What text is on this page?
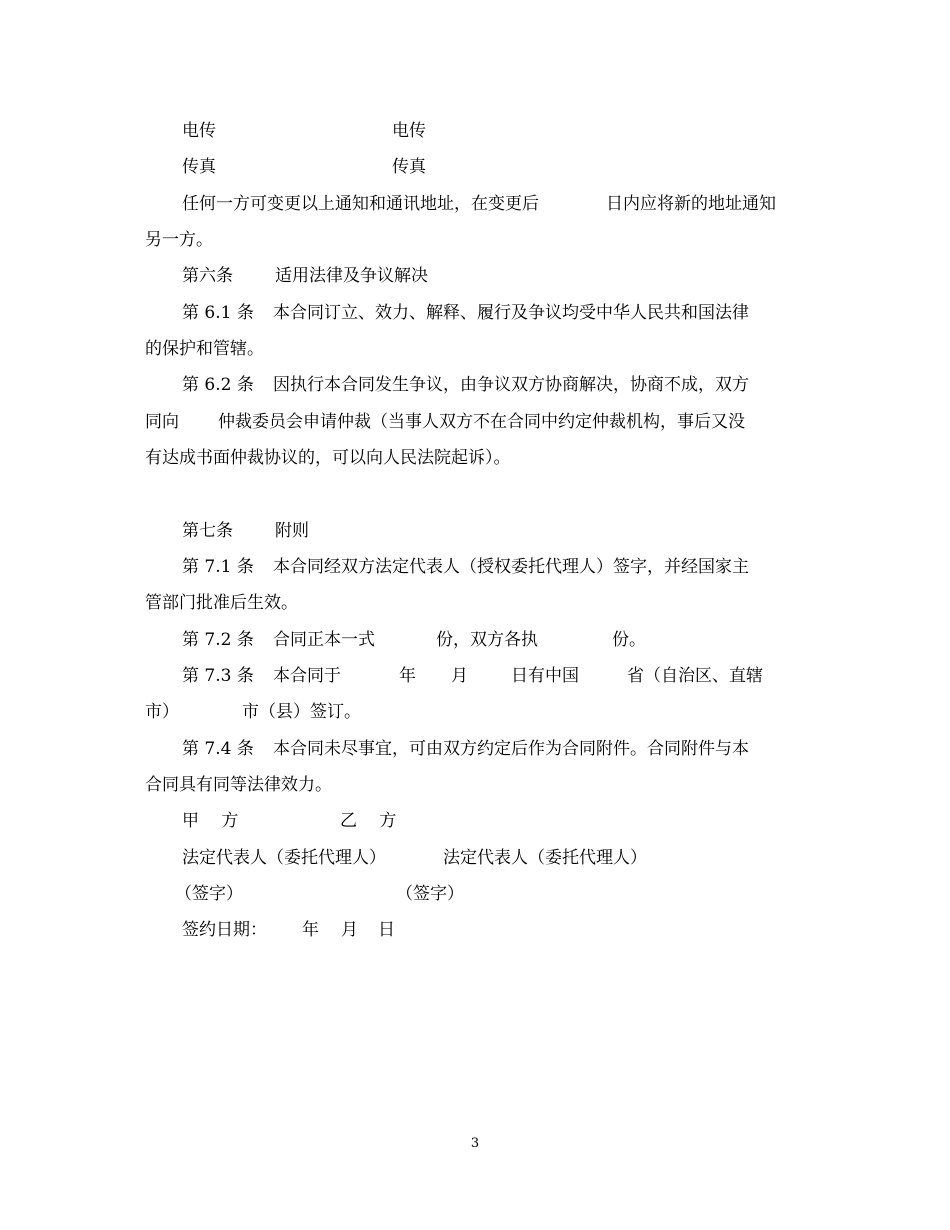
电传	电传
传真	传真
任何一方可变更以上通知和通讯地址，在变更后	日内应将新的地址通知
另一方。
第六条 适用法律及争议解决
第 6.1 条 本合同订立、效力、解释、履行及争议均受中华人民共和国法律
的保护和管辖。
第 6.2 条 因执行本合同发生争议，由争议双方协商解决，协商不成，双方
同向 仲裁委员会申请仲裁（当事人双方不在合同中约定仲裁机构，事后又没
有达成书面仲裁协议的，可以向人民法院起诉）。
第七条 附则
第 7.1 条 本合同经双方法定代表人（授权委托代理人）签字，并经国家主
管部门批准后生效。
第 7.2 条 合同正本一式	份，双方各执	份。
第 7.3 条 本合同于	年 月	日有中国	省（自治区、直辖
市）	市（县）签订。
第 7.4 条 本合同未尽事宜，可由双方约定后作为合同附件。合同附件与本
合同具有同等法律效力。
甲　 方	乙　 方
法定代表人（委托代理人）	法定代表人（委托代理人）
（签字）	（签字）
签约日期： 年 月 日
3
